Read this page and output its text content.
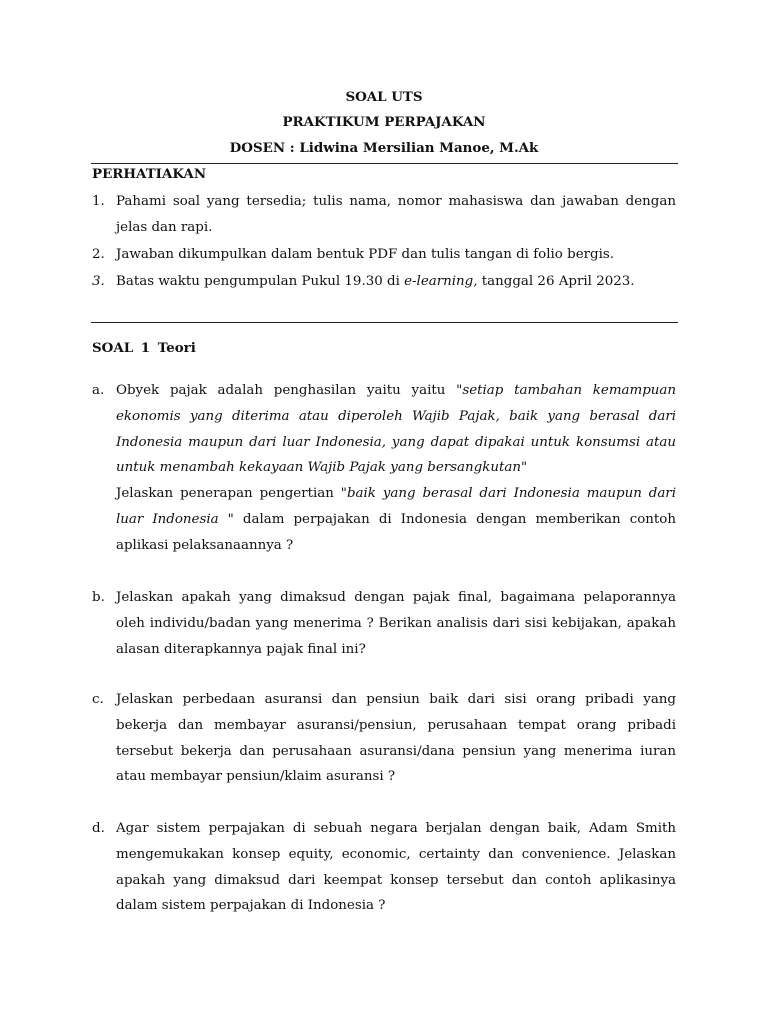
SOAL UTS
PRAKTIKUM PERPAJAKAN
DOSEN : Lidwina Mersilian Manoe, M.Ak
PERHATIAKAN
1. Pahami soal yang tersedia; tulis nama, nomor mahasiswa dan jawaban dengan jelas dan rapi.
2. Jawaban dikumpulkan dalam bentuk PDF dan tulis tangan di folio bergis.
3. Batas waktu pengumpulan Pukul 19.30 di e-learning, tanggal 26 April 2023.
SOAL 1 Teori
a. Obyek pajak adalah penghasilan yaitu yaitu "setiap tambahan kemampuan ekonomis yang diterima atau diperoleh Wajib Pajak, baik yang berasal dari Indonesia maupun dari luar Indonesia, yang dapat dipakai untuk konsumsi atau untuk menambah kekayaan Wajib Pajak yang bersangkutan"
Jelaskan penerapan pengertian "baik yang berasal dari Indonesia maupun dari luar Indonesia " dalam perpajakan di Indonesia dengan memberikan contoh aplikasi pelaksanaannya ?
b. Jelaskan apakah yang dimaksud dengan pajak final, bagaimana pelaporannya oleh individu/badan yang menerima ? Berikan analisis dari sisi kebijakan, apakah alasan diterapkannya pajak final ini?
c. Jelaskan perbedaan asuransi dan pensiun baik dari sisi orang pribadi yang bekerja dan membayar asuransi/pensiun, perusahaan tempat orang pribadi tersebut bekerja dan perusahaan asuransi/dana pensiun yang menerima iuran atau membayar pensiun/klaim asuransi ?
d. Agar sistem perpajakan di sebuah negara berjalan dengan baik, Adam Smith mengemukakan konsep equity, economic, certainty dan convenience. Jelaskan apakah yang dimaksud dari keempat konsep tersebut dan contoh aplikasinya dalam sistem perpajakan di Indonesia ?
